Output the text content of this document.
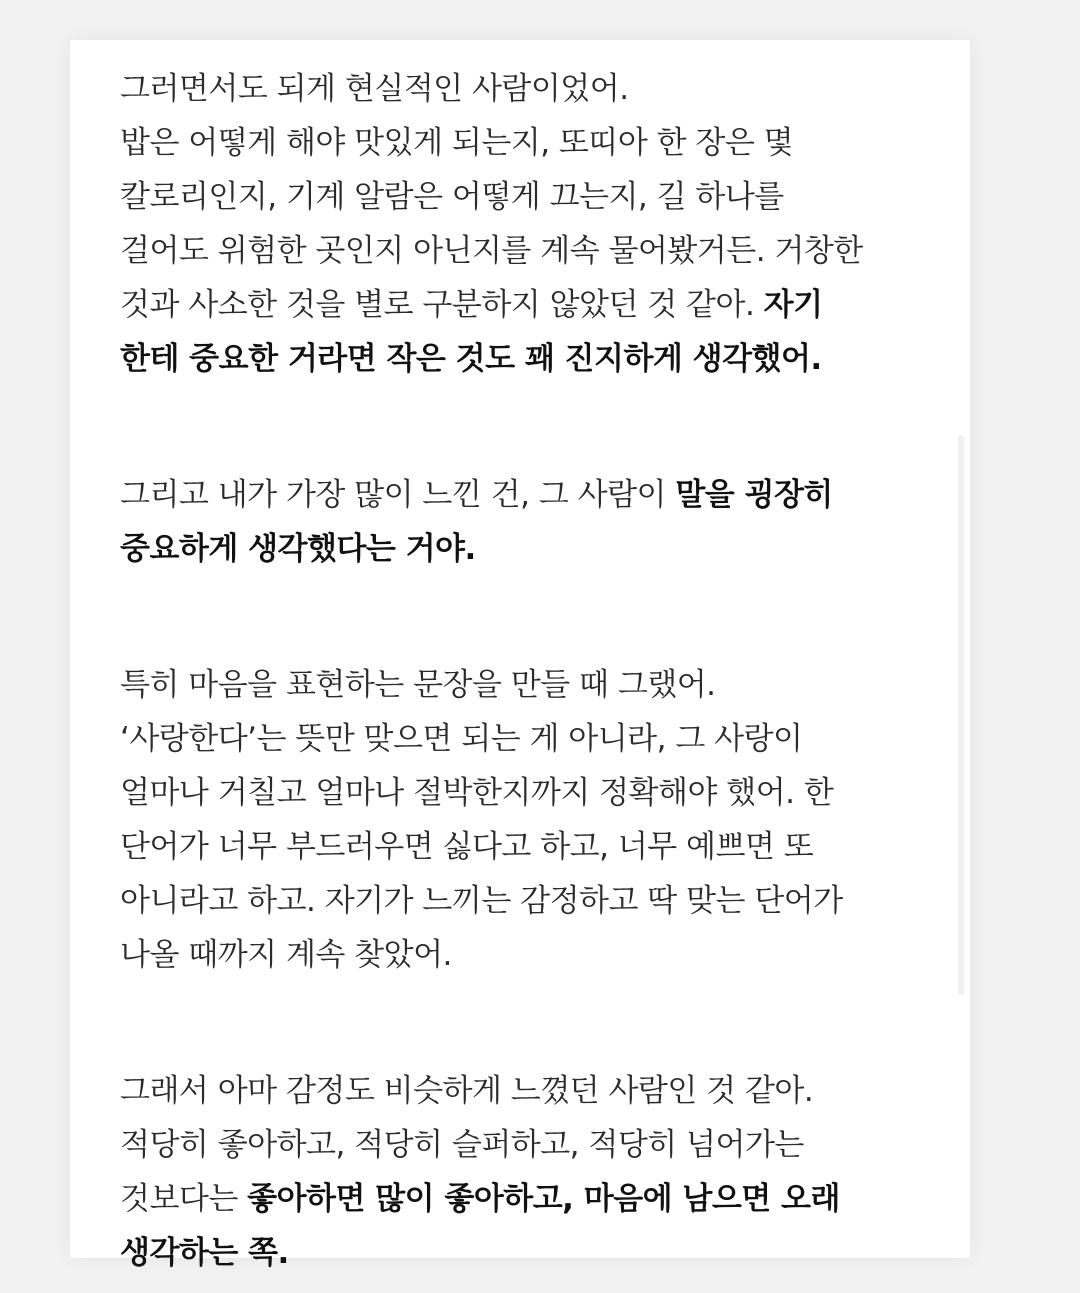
그러면서도 되게 현실적인 사람이었어.
밥은 어떻게 해야 맛있게 되는지, 또띠아 한 장은 몇
칼로리인지, 기계 알람은 어떻게 끄는지, 길 하나를
걸어도 위험한 곳인지 아닌지를 계속 물어봤거든. 거창한
것과 사소한 것을 별로 구분하지 않았던 것 같아. 자기
한테 중요한 거라면 작은 것도 꽤 진지하게 생각했어.
그리고 내가 가장 많이 느낀 건, 그 사람이 말을 굉장히
중요하게 생각했다는 거야.
특히 마음을 표현하는 문장을 만들 때 그랬어.
‘사랑한다’는 뜻만 맞으면 되는 게 아니라, 그 사랑이
얼마나 거칠고 얼마나 절박한지까지 정확해야 했어. 한
단어가 너무 부드러우면 싫다고 하고, 너무 예쁘면 또
아니라고 하고. 자기가 느끼는 감정하고 딱 맞는 단어가
나올 때까지 계속 찾았어.
그래서 아마 감정도 비슷하게 느꼈던 사람인 것 같아.
적당히 좋아하고, 적당히 슬퍼하고, 적당히 넘어가는
것보다는 좋아하면 많이 좋아하고, 마음에 남으면 오래
생각하는 쪽.
